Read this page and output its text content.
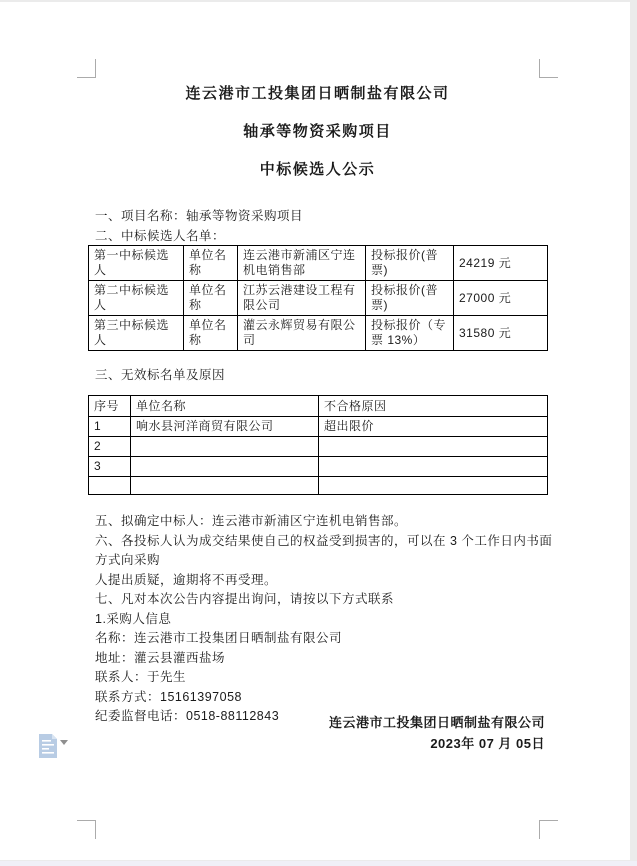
连云港市工投集团日晒制盐有限公司
轴承等物资采购项目
中标候选人公示
一、项目名称：轴承等物资采购项目
二、中标候选人名单：
第一中标候选人	单位名称	连云港市新浦区宁连机电销售部	投标报价(普票)	24219 元
第二中标候选人	单位名称	江苏云港建设工程有限公司	投标报价(普票)	27000 元
第三中标候选人	单位名称	灌云永辉贸易有限公司	投标报价（专票 13%）	31580 元
三、无效标名单及原因
序号	单位名称	不合格原因
1	响水县河洋商贸有限公司	超出限价
2		
3		

五、拟确定中标人：连云港市新浦区宁连机电销售部。
六、各投标人认为成交结果使自己的权益受到损害的，可以在 3 个工作日内书面方式向采购
人提出质疑，逾期将不再受理。
七、凡对本次公告内容提出询问，请按以下方式联系
1.采购人信息
名称：连云港市工投集团日晒制盐有限公司
地址：灌云县灌西盐场
联系人：于先生
联系方式：15161397058
纪委监督电话：0518-88112843	连云港市工投集团日晒制盐有限公司
2023年 07 月 05日
